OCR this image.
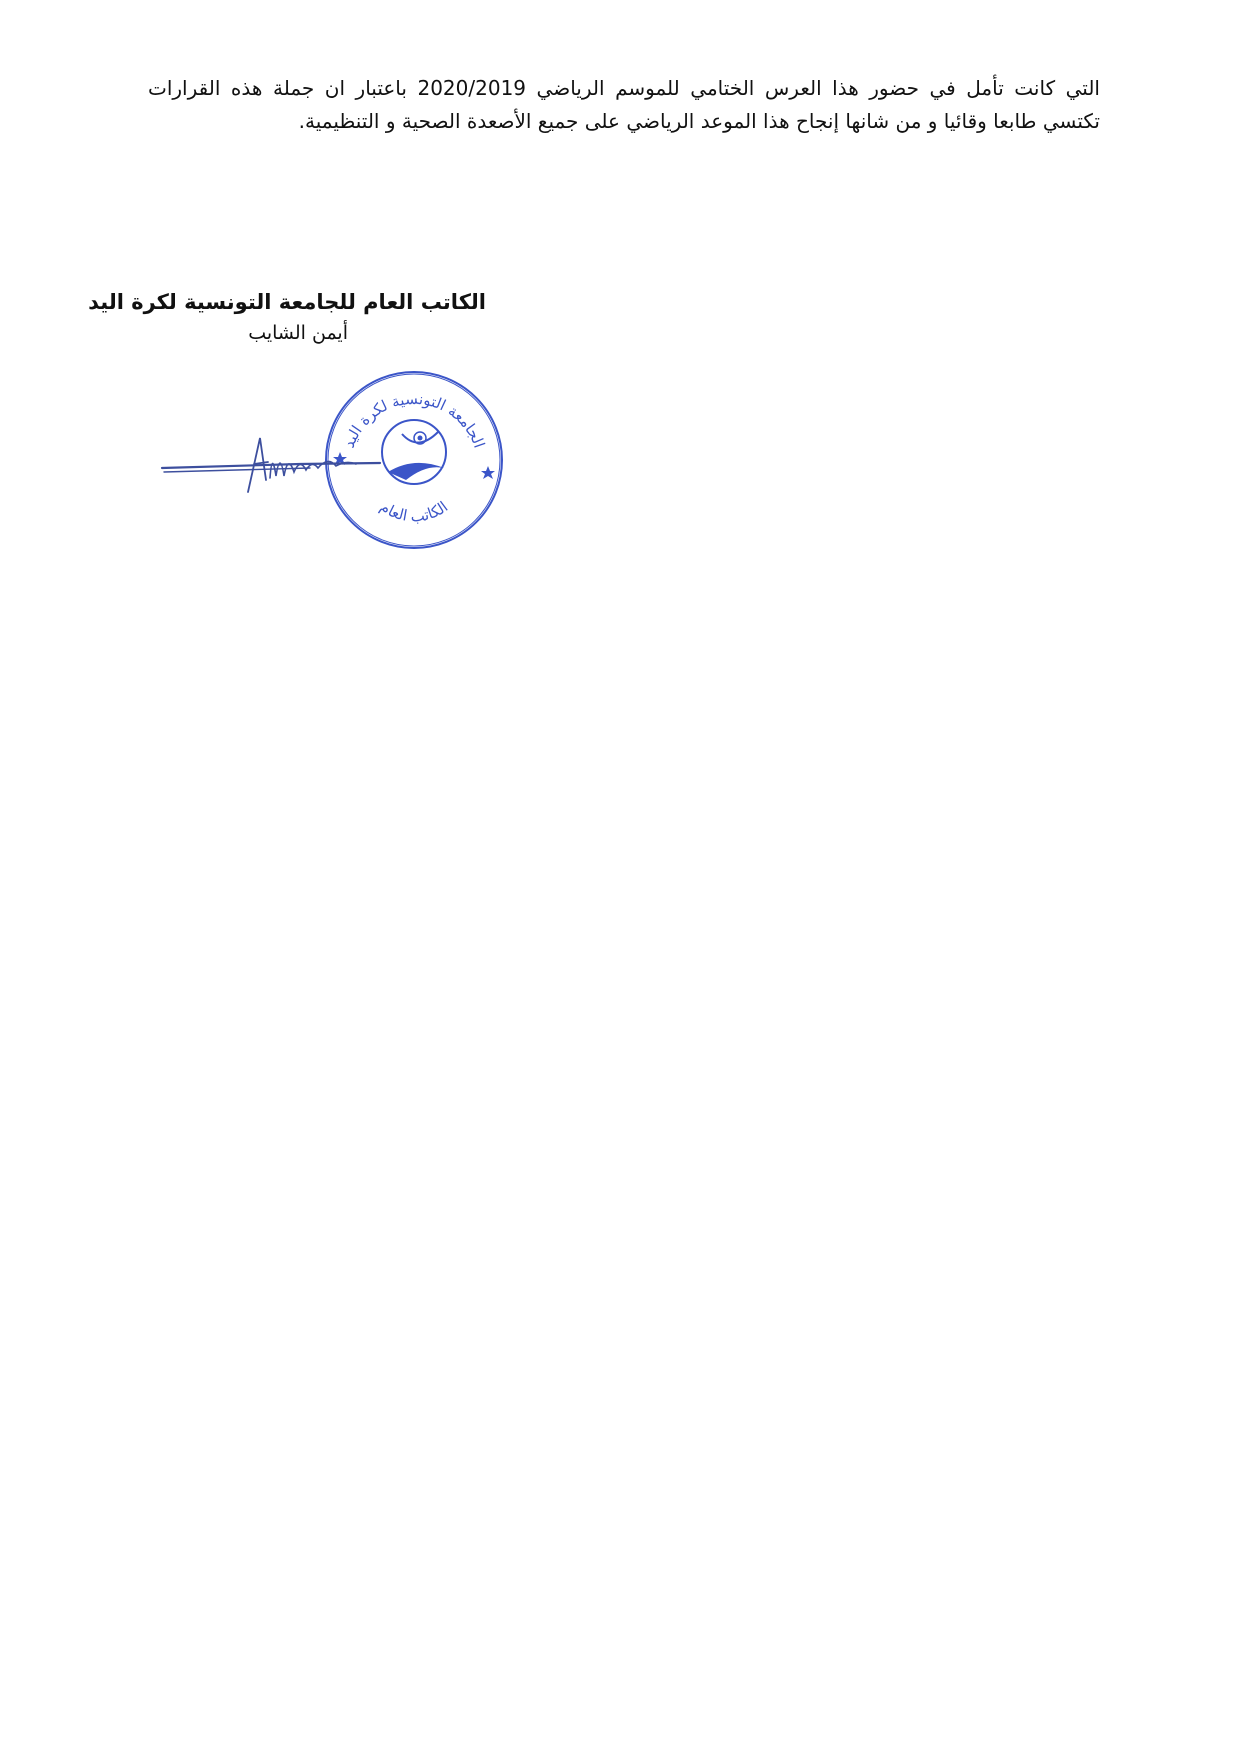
التي كانت تأمل في حضور هذا العرس الختامي للموسم الرياضي 2020/2019 باعتبار ان جملة هذه القرارات تكتسي طابعا وقائيا و من شانها إنجاح هذا الموعد الرياضي على جميع الأصعدة الصحية و التنظيمية.

الكاتب العام للجامعة التونسية لكرة اليد

أيمن الشايب

الجامعة التونسية لكرة اليد
الكاتب العام
